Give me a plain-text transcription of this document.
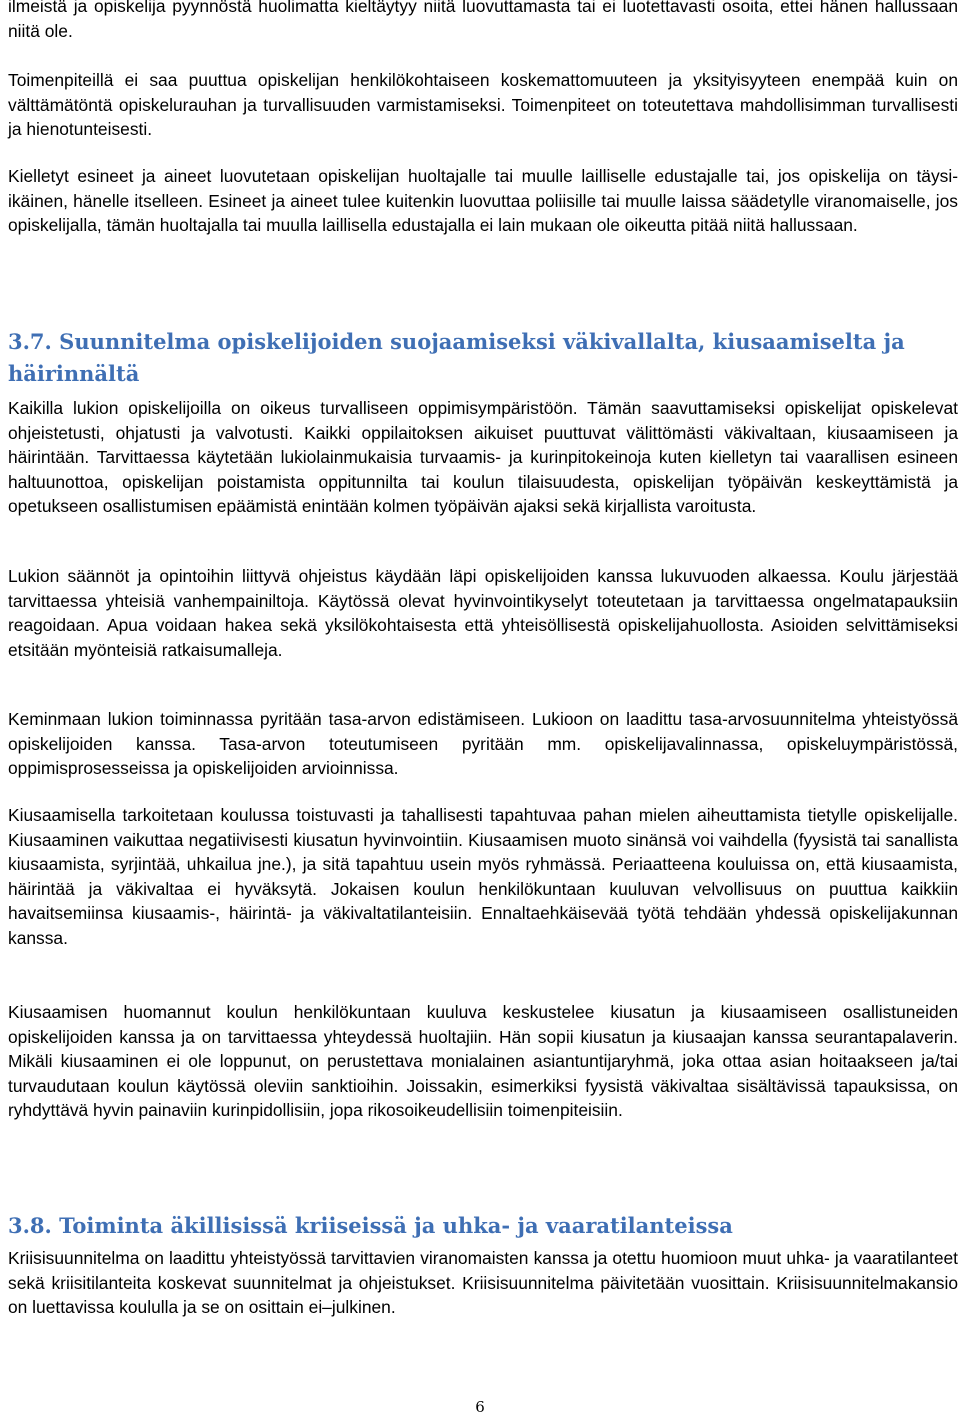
ilmeistä ja opiskelija pyynnöstä huolimatta kieltäytyy niitä luovuttamasta tai ei luotettavasti osoita, ettei hänen hallussaan niitä ole.

Toimenpiteillä ei saa puuttua opiskelijan henkilökohtaiseen koskemattomuuteen ja yksityisyyteen enempää kuin on välttämätöntä opiskelurauhan ja turvallisuuden varmistamiseksi. Toimenpiteet on toteutettava mahdollisimman turvallisesti ja hienotunteisesti.

Kielletyt esineet ja aineet luovutetaan opiskelijan huoltajalle tai muulle lailliselle edustajalle tai, jos opiskelija on täysi-ikäinen, hänelle itselleen. Esineet ja aineet tulee kuitenkin luovuttaa poliisille tai muulle laissa säädetylle viranomaiselle, jos opiskelijalla, tämän huoltajalla tai muulla laillisella edustajalla ei lain mukaan ole oikeutta pitää niitä hallussaan.

3.7. Suunnitelma opiskelijoiden suojaamiseksi väkivallalta, kiusaamiselta ja häirinnältä

Kaikilla lukion opiskelijoilla on oikeus turvalliseen oppimisympäristöön. Tämän saavuttamiseksi opiskelijat opiskelevat ohjeistetusti, ohjatusti ja valvotusti. Kaikki oppilaitoksen aikuiset puuttuvat välittömästi väkivaltaan, kiusaamiseen ja häirintään. Tarvittaessa käytetään lukiolainmukaisia turvaamis- ja kurinpitokeinoja kuten kielletyn tai vaarallisen esineen haltuunottoa, opiskelijan poistamista oppitunnilta tai koulun tilaisuudesta, opiskelijan työpäivän keskeyttämistä ja opetukseen osallistumisen epäämistä enintään kolmen työpäivän ajaksi sekä kirjallista varoitusta.

Lukion säännöt ja opintoihin liittyvä ohjeistus käydään läpi opiskelijoiden kanssa lukuvuoden alkaessa. Koulu järjestää tarvittaessa yhteisiä vanhempainiltoja. Käytössä olevat hyvinvointikyselyt toteutetaan ja tarvittaessa ongelmatapauksiin reagoidaan. Apua voidaan hakea sekä yksilökohtaisesta että yhteisöllisestä opiskelijahuollosta. Asioiden selvittämiseksi etsitään myönteisiä ratkaisumalleja.

Keminmaan lukion toiminnassa pyritään tasa-arvon edistämiseen. Lukioon on laadittu tasa-arvosuunnitelma yhteistyössä opiskelijoiden kanssa. Tasa-arvon toteutumiseen pyritään mm. opiskelijavalinnassa, opiskeluympäristössä, oppimisprosesseissa ja opiskelijoiden arvioinnissa.

Kiusaamisella tarkoitetaan koulussa toistuvasti ja tahallisesti tapahtuvaa pahan mielen aiheuttamista tietylle opiskelijalle. Kiusaaminen vaikuttaa negatiivisesti kiusatun hyvinvointiin. Kiusaamisen muoto sinänsä voi vaihdella (fyysistä tai sanallista kiusaamista, syrjintää, uhkailua jne.), ja sitä tapahtuu usein myös ryhmässä. Periaatteena kouluissa on, että kiusaamista, häirintää ja väkivaltaa ei hyväksytä. Jokaisen koulun henkilökuntaan kuuluvan velvollisuus on puuttua kaikkiin havaitsemiinsa kiusaamis-, häirintä- ja väkivaltatilanteisiin. Ennaltaehkäisevää työtä tehdään yhdessä opiskelijakunnan kanssa.

Kiusaamisen huomannut koulun henkilökuntaan kuuluva keskustelee kiusatun ja kiusaamiseen osallistuneiden opiskelijoiden kanssa ja on tarvittaessa yhteydessä huoltajiin. Hän sopii kiusatun ja kiusaajan kanssa seurantapalaverin. Mikäli kiusaaminen ei ole loppunut, on perustettava monialainen asiantuntijaryhmä, joka ottaa asian hoitaakseen ja/tai turvaudutaan koulun käytössä oleviin sanktioihin. Joissakin, esimerkiksi fyysistä väkivaltaa sisältävissä tapauksissa, on ryhdyttävä hyvin painaviin kurinpidollisiin, jopa rikosoikeudellisiin toimenpiteisiin.

3.8. Toiminta äkillisissä kriiseissä ja uhka- ja vaaratilanteissa

Kriisisuunnitelma on laadittu yhteistyössä tarvittavien viranomaisten kanssa ja otettu huomioon muut uhka- ja vaaratilanteet sekä kriisitilanteita koskevat suunnitelmat ja ohjeistukset. Kriisisuunnitelma päivitetään vuosittain. Kriisisuunnitelmakansio on luettavissa koululla ja se on osittain ei–julkinen.

6
